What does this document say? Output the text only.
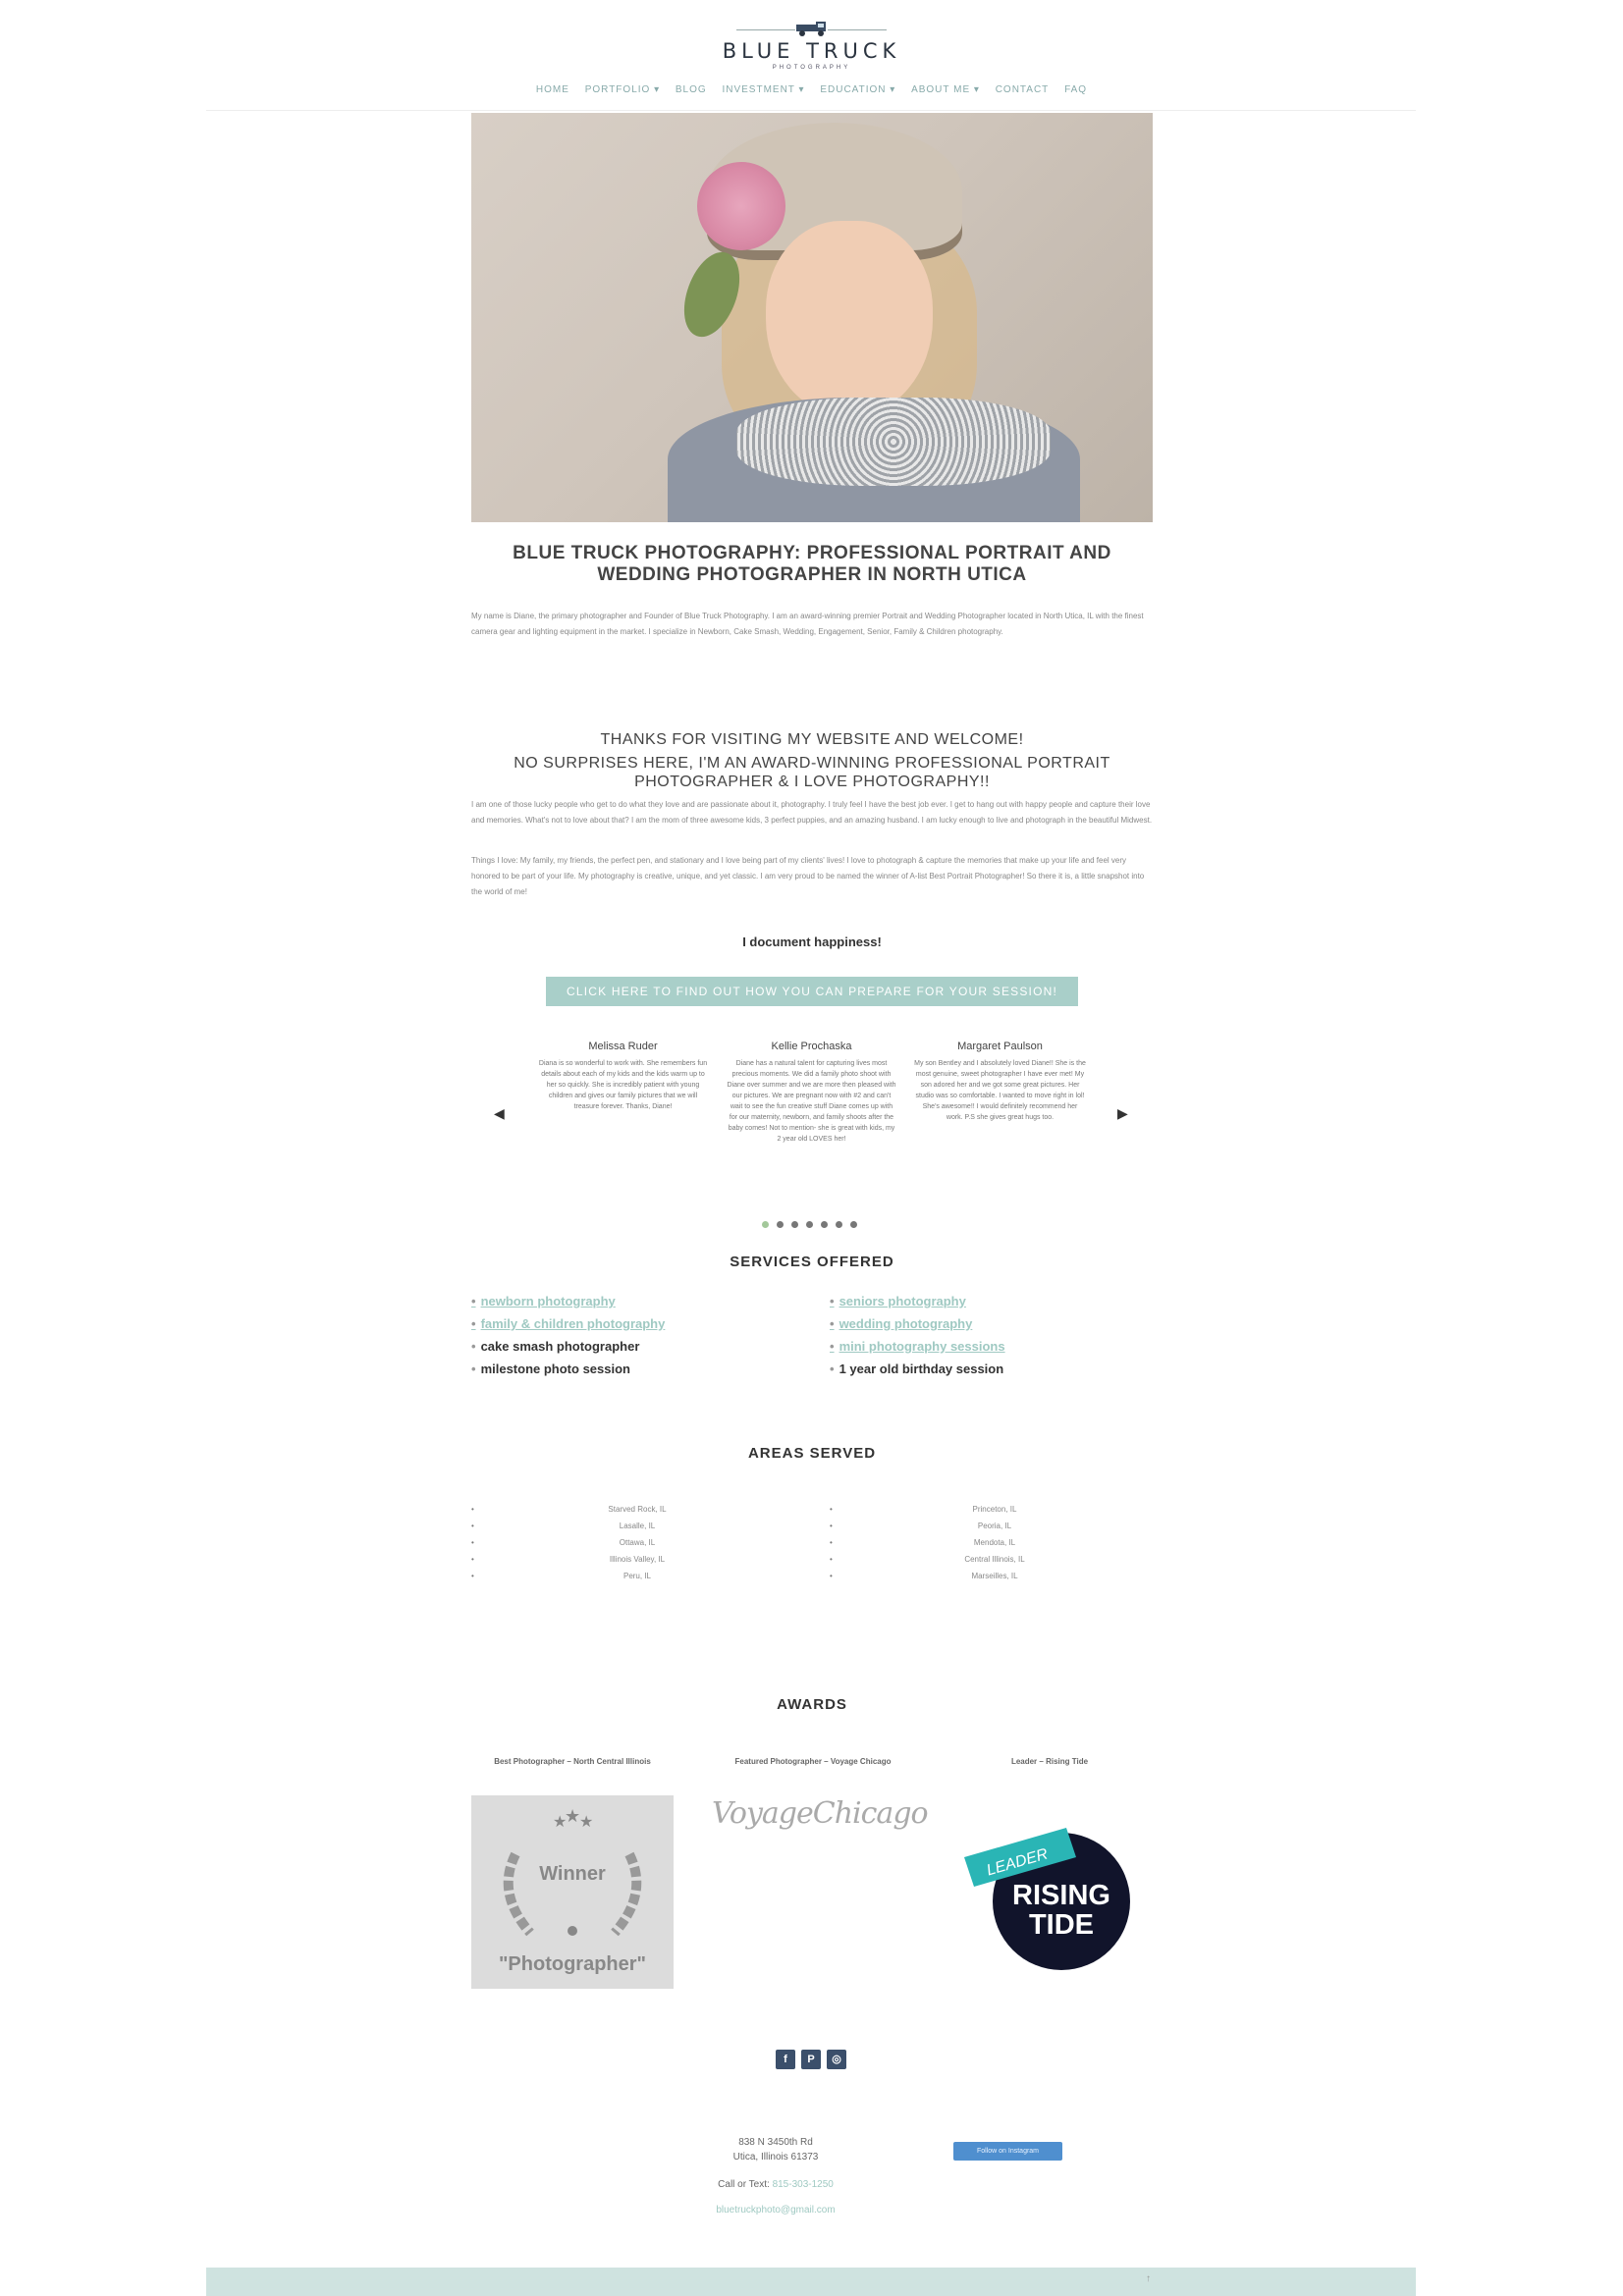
BLUE TRUCK
PHOTOGRAPHY
HOME PORTFOLIO ▾ BLOG INVESTMENT ▾ EDUCATION ▾ ABOUT ME ▾ CONTACT FAQ
BLUE TRUCK PHOTOGRAPHY: PROFESSIONAL PORTRAIT AND
WEDDING PHOTOGRAPHER IN NORTH UTICA

My name is Diane, the primary photographer and Founder of Blue Truck Photography. I am an award-winning premier Portrait and Wedding Photographer located in North Utica, IL with the finest camera gear and lighting equipment in the market. I specialize in Newborn, Cake Smash, Wedding, Engagement, Senior, Family & Children photography.

THANKS FOR VISITING MY WEBSITE AND WELCOME!
NO SURPRISES HERE, I'M AN AWARD-WINNING PROFESSIONAL PORTRAIT
PHOTOGRAPHER & I LOVE PHOTOGRAPHY!!

I am one of those lucky people who get to do what they love and are passionate about it, photography. I truly feel I have the best job ever. I get to hang out with happy people and capture their love and memories. What's not to love about that? I am the mom of three awesome kids, 3 perfect puppies, and an amazing husband. I am lucky enough to live and photograph in the beautiful Midwest.

Things I love: My family, my friends, the perfect pen, and stationary and I love being part of my clients' lives! I love to photograph & capture the memories that make up your life and feel very honored to be part of your life. My photography is creative, unique, and yet classic. I am very proud to be named the winner of A-list Best Portrait Photographer! So there it is, a little snapshot into the world of me!

I document happiness!
CLICK HERE TO FIND OUT HOW YOU CAN PREPARE FOR YOUR SESSION!
◀	▶
Melissa Ruder
Diana is so wonderful to work with. She remembers fun details about each of my kids and the kids warm up to her so quickly. She is incredibly patient with young children and gives our family pictures that we will treasure forever. Thanks, Diane!
Kellie Prochaska
Diane has a natural talent for capturing lives most precious moments. We did a family photo shoot with Diane over summer and we are more then pleased with our pictures. We are pregnant now with #2 and can't wait to see the fun creative stuff Diane comes up with for our maternity, newborn, and family shoots after the baby comes! Not to mention- she is great with kids, my 2 year old LOVES her!
Margaret Paulson
My son Bentley and I absolutely loved Diane!! She is the most genuine, sweet photographer I have ever met! My son adored her and we got some great pictures. Her studio was so comfortable. I wanted to move right in lol! She's awesome!! I would definitely recommend her work. P.S she gives great hugs too.
SERVICES OFFERED
• newborn photography
• family & children photography
• cake smash photographer
• milestone photo session
• seniors photography
• wedding photography
• mini photography sessions
• 1 year old birthday session
AREAS SERVED
•	Starved Rock, IL
•	Lasalle, IL
•	Ottawa, IL
•	Illinois Valley, IL
•	Peru, IL
•	Princeton, IL
•	Peoria, IL
•	Mendota, IL
•	Central Illinois, IL
•	Marseilles, IL
AWARDS
Best Photographer – North Central Illinois	Featured Photographer – Voyage Chicago	Leader – Rising Tide
★
★
★
Winner
"Photographer"
VoyageChicago
LEADER
RISING
TIDE
f	P	◎
838 N 3450th Rd
Utica, Illinois 61373
Call or Text: 815-303-1250
bluetruckphoto@gmail.com
Follow on Instagram
↑
